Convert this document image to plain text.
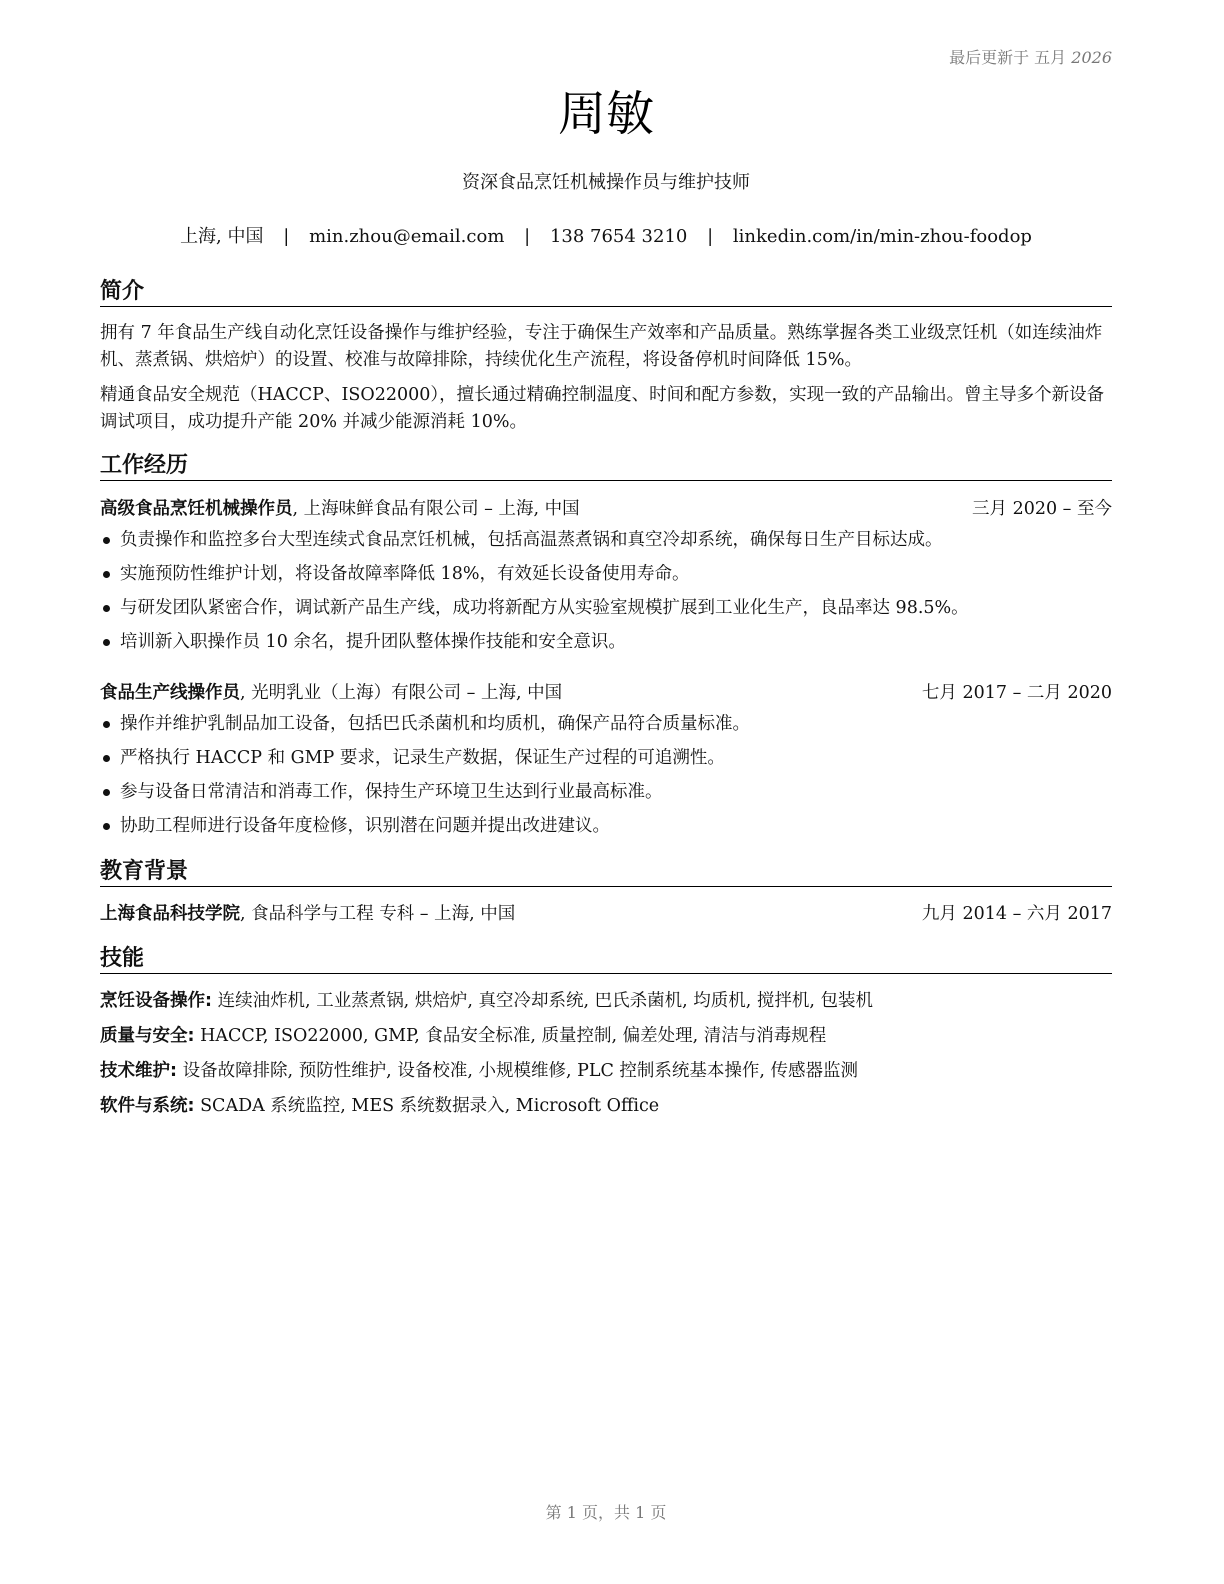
最后更新于 五月 2026
周敏
资深食品烹饪机械操作员与维护技师
上海, 中国 | min.zhou@email.com | 138 7654 3210 | linkedin.com/in/min-zhou-foodop
简介

拥有 7 年食品生产线自动化烹饪设备操作与维护经验，专注于确保生产效率和产品质量。熟练掌握各类工业级烹饪机（如连续油炸机、蒸煮锅、烘焙炉）的设置、校准与故障排除，持续优化生产流程，将设备停机时间降低 15%。

精通食品安全规范（HACCP、ISO22000），擅长通过精确控制温度、时间和配方参数，实现一致的产品输出。曾主导多个新设备调试项目，成功提升产能 20% 并减少能源消耗 10%。

工作经历
高级食品烹饪机械操作员, 上海味鲜食品有限公司 – 上海, 中国	三月 2020 – 至今
负责操作和监控多台大型连续式食品烹饪机械，包括高温蒸煮锅和真空冷却系统，确保每日生产目标达成。
实施预防性维护计划，将设备故障率降低 18%，有效延长设备使用寿命。
与研发团队紧密合作，调试新产品生产线，成功将新配方从实验室规模扩展到工业化生产，良品率达 98.5%。
培训新入职操作员 10 余名，提升团队整体操作技能和安全意识。
食品生产线操作员, 光明乳业（上海）有限公司 – 上海, 中国	七月 2017 – 二月 2020
操作并维护乳制品加工设备，包括巴氏杀菌机和均质机，确保产品符合质量标准。
严格执行 HACCP 和 GMP 要求，记录生产数据，保证生产过程的可追溯性。
参与设备日常清洁和消毒工作，保持生产环境卫生达到行业最高标准。
协助工程师进行设备年度检修，识别潜在问题并提出改进建议。
教育背景
上海食品科技学院, 食品科学与工程 专科 – 上海, 中国	九月 2014 – 六月 2017
技能
烹饪设备操作: 连续油炸机, 工业蒸煮锅, 烘焙炉, 真空冷却系统, 巴氏杀菌机, 均质机, 搅拌机, 包装机
质量与安全: HACCP, ISO22000, GMP, 食品安全标准, 质量控制, 偏差处理, 清洁与消毒规程
技术维护: 设备故障排除, 预防性维护, 设备校准, 小规模维修, PLC 控制系统基本操作, 传感器监测
软件与系统: SCADA 系统监控, MES 系统数据录入, Microsoft Office
第 1 页，共 1 页
